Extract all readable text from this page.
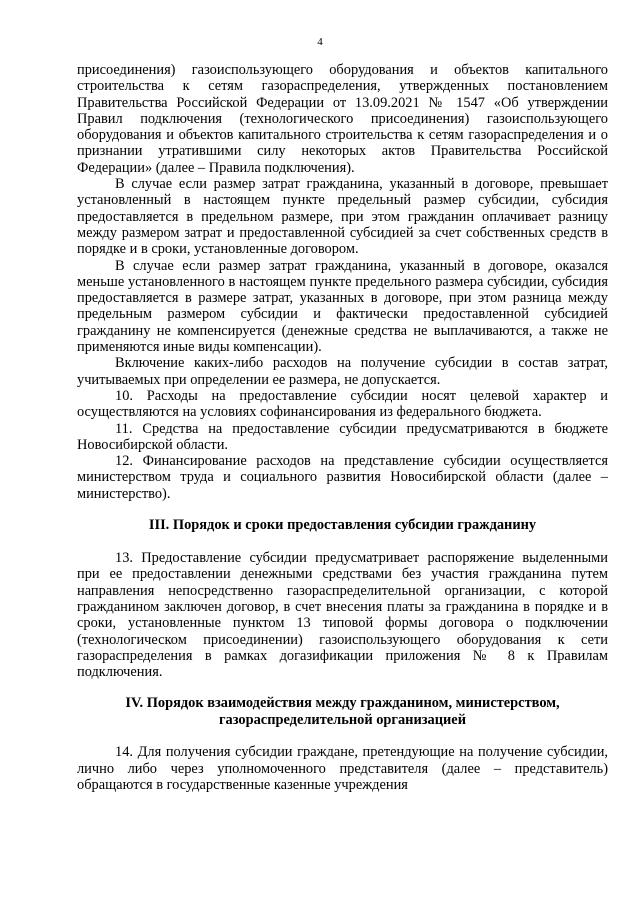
4

присоединения) газоиспользующего оборудования и объектов капитального строительства к сетям газораспределения, утвержденных постановлением Правительства Российской Федерации от 13.09.2021 № 1547 «Об утверждении Правил подключения (технологического присоединения) газоиспользующего оборудования и объектов капитального строительства к сетям газораспределения и о признании утратившими силу некоторых актов Правительства Российской Федерации» (далее – Правила подключения).

В случае если размер затрат гражданина, указанный в договоре, превышает установленный в настоящем пункте предельный размер субсидии, субсидия предоставляется в предельном размере, при этом гражданин оплачивает разницу между размером затрат и предоставленной субсидией за счет собственных средств в порядке и в сроки, установленные договором.

В случае если размер затрат гражданина, указанный в договоре, оказался меньше установленного в настоящем пункте предельного размера субсидии, субсидия предоставляется в размере затрат, указанных в договоре, при этом разница между предельным размером субсидии и фактически предоставленной субсидией гражданину не компенсируется (денежные средства не выплачиваются, а также не применяются иные виды компенсации).

Включение каких-либо расходов на получение субсидии в состав затрат, учитываемых при определении ее размера, не допускается.

10. Расходы на предоставление субсидии носят целевой характер и осуществляются на условиях софинансирования из федерального бюджета.

11. Средства на предоставление субсидии предусматриваются в бюджете Новосибирской области.

12. Финансирование расходов на представление субсидии осуществляется министерством труда и социального развития Новосибирской области (далее – министерство).

III. Порядок и сроки предоставления субсидии гражданину

13. Предоставление субсидии предусматривает распоряжение выделенными при ее предоставлении денежными средствами без участия гражданина путем направления непосредственно газораспределительной организации, с которой гражданином заключен договор, в счет внесения платы за гражданина в порядке и в сроки, установленные пунктом 13 типовой формы договора о подключении (технологическом присоединении) газоиспользующего оборудования к сети газораспределения в рамках догазификации приложения № 8 к Правилам подключения.

IV. Порядок взаимодействия между гражданином, министерством,
газораспределительной организацией

14. Для получения субсидии граждане, претендующие на получение субсидии, лично либо через уполномоченного представителя (далее – представитель) обращаются в государственные казенные учреждения
